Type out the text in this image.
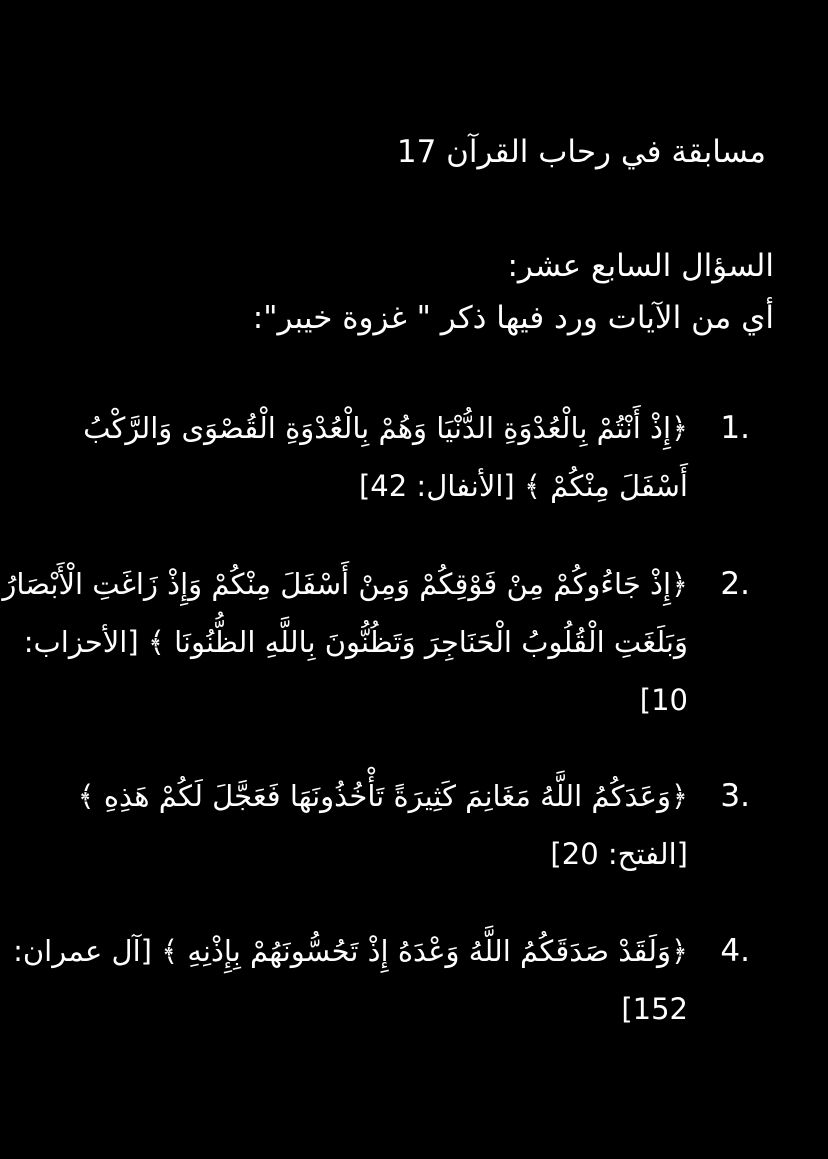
مسابقة في رحاب القرآن 17
السؤال السابع عشر:
أي من الآيات ورد فيها ذكر " غزوة خيبر":
1.
﴿إِذْ أَنْتُمْ بِالْعُدْوَةِ الدُّنْيَا وَهُمْ بِالْعُدْوَةِ الْقُصْوَى وَالرَّكْبُ أَسْفَلَ مِنْكُمْ ﴾ [الأنفال: 42]
2.
﴿إِذْ جَاءُوكُمْ مِنْ فَوْقِكُمْ وَمِنْ أَسْفَلَ مِنْكُمْ وَإِذْ زَاغَتِ الْأَبْصَارُ وَبَلَغَتِ الْقُلُوبُ الْحَنَاجِرَ وَتَظُنُّونَ بِاللَّهِ الظُّنُونَا ﴾ [الأحزاب: 10]
3.
﴿وَعَدَكُمُ اللَّهُ مَغَانِمَ كَثِيرَةً تَأْخُذُونَهَا فَعَجَّلَ لَكُمْ هَذِهِ ﴾ [الفتح: 20]
4.
﴿وَلَقَدْ صَدَقَكُمُ اللَّهُ وَعْدَهُ إِذْ تَحُسُّونَهُمْ بِإِذْنِهِ ﴾ [آل عمران: 152]
